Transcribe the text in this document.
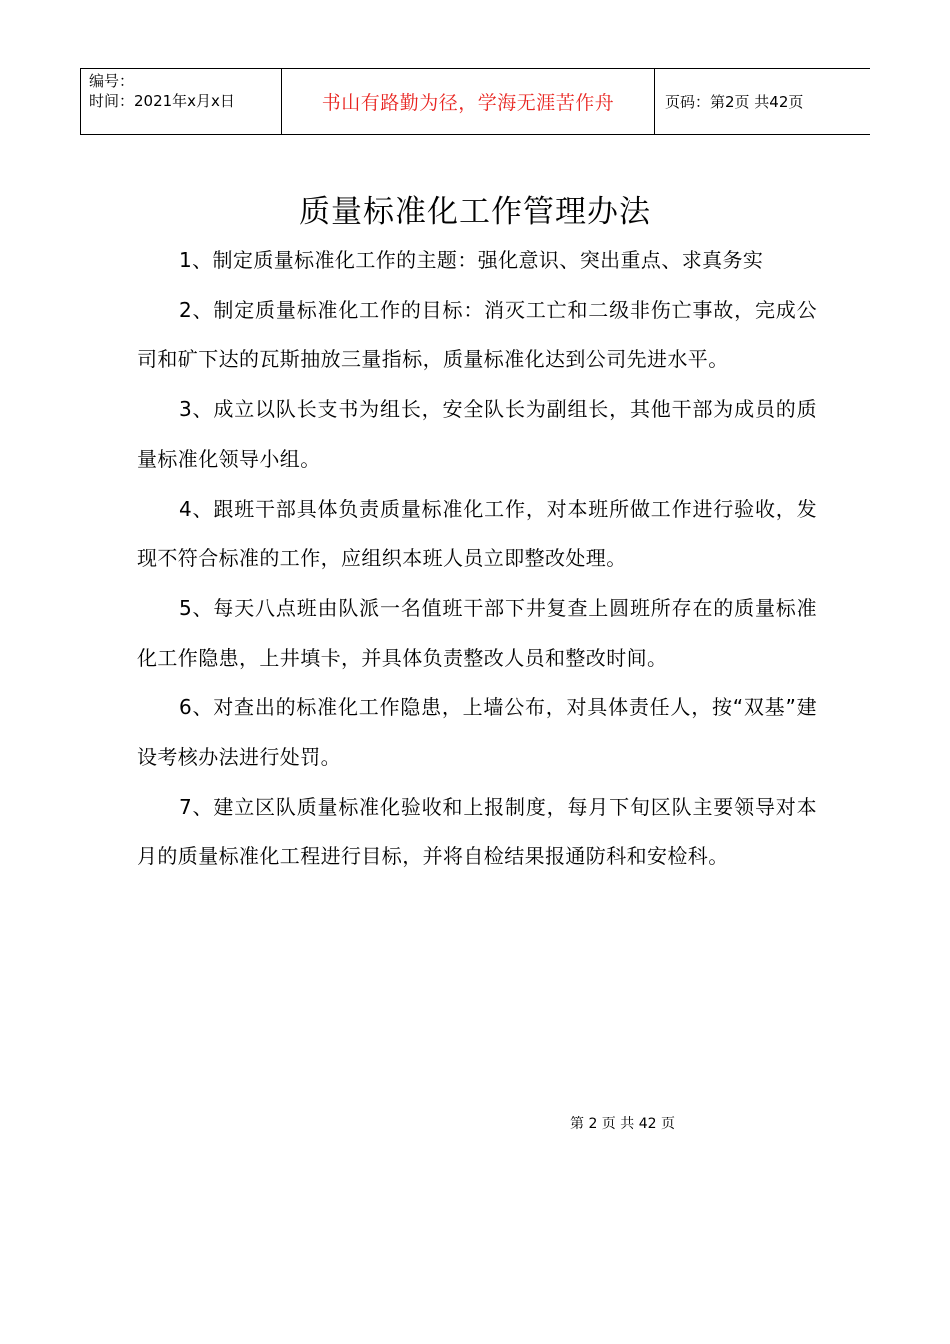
编号：
时间：2021年x月x日	书山有路勤为径，学海无涯苦作舟	页码：第2页 共42页
质量标准化工作管理办法

1、制定质量标准化工作的主题：强化意识、突出重点、求真务实

2、制定质量标准化工作的目标：消灭工亡和二级非伤亡事故，完成公司和矿下达的瓦斯抽放三量指标，质量标准化达到公司先进水平。

3、成立以队长支书为组长，安全队长为副组长，其他干部为成员的质量标准化领导小组。

4、跟班干部具体负责质量标准化工作，对本班所做工作进行验收，发现不符合标准的工作，应组织本班人员立即整改处理。

5、每天八点班由队派一名值班干部下井复查上圆班所存在的质量标准化工作隐患，上井填卡，并具体负责整改人员和整改时间。

6、对查出的标准化工作隐患，上墙公布，对具体责任人，按“双基”建设考核办法进行处罚。

7、建立区队质量标准化验收和上报制度，每月下旬区队主要领导对本月的质量标准化工程进行目标，并将自检结果报通防科和安检科。

第 2 页 共 42 页
